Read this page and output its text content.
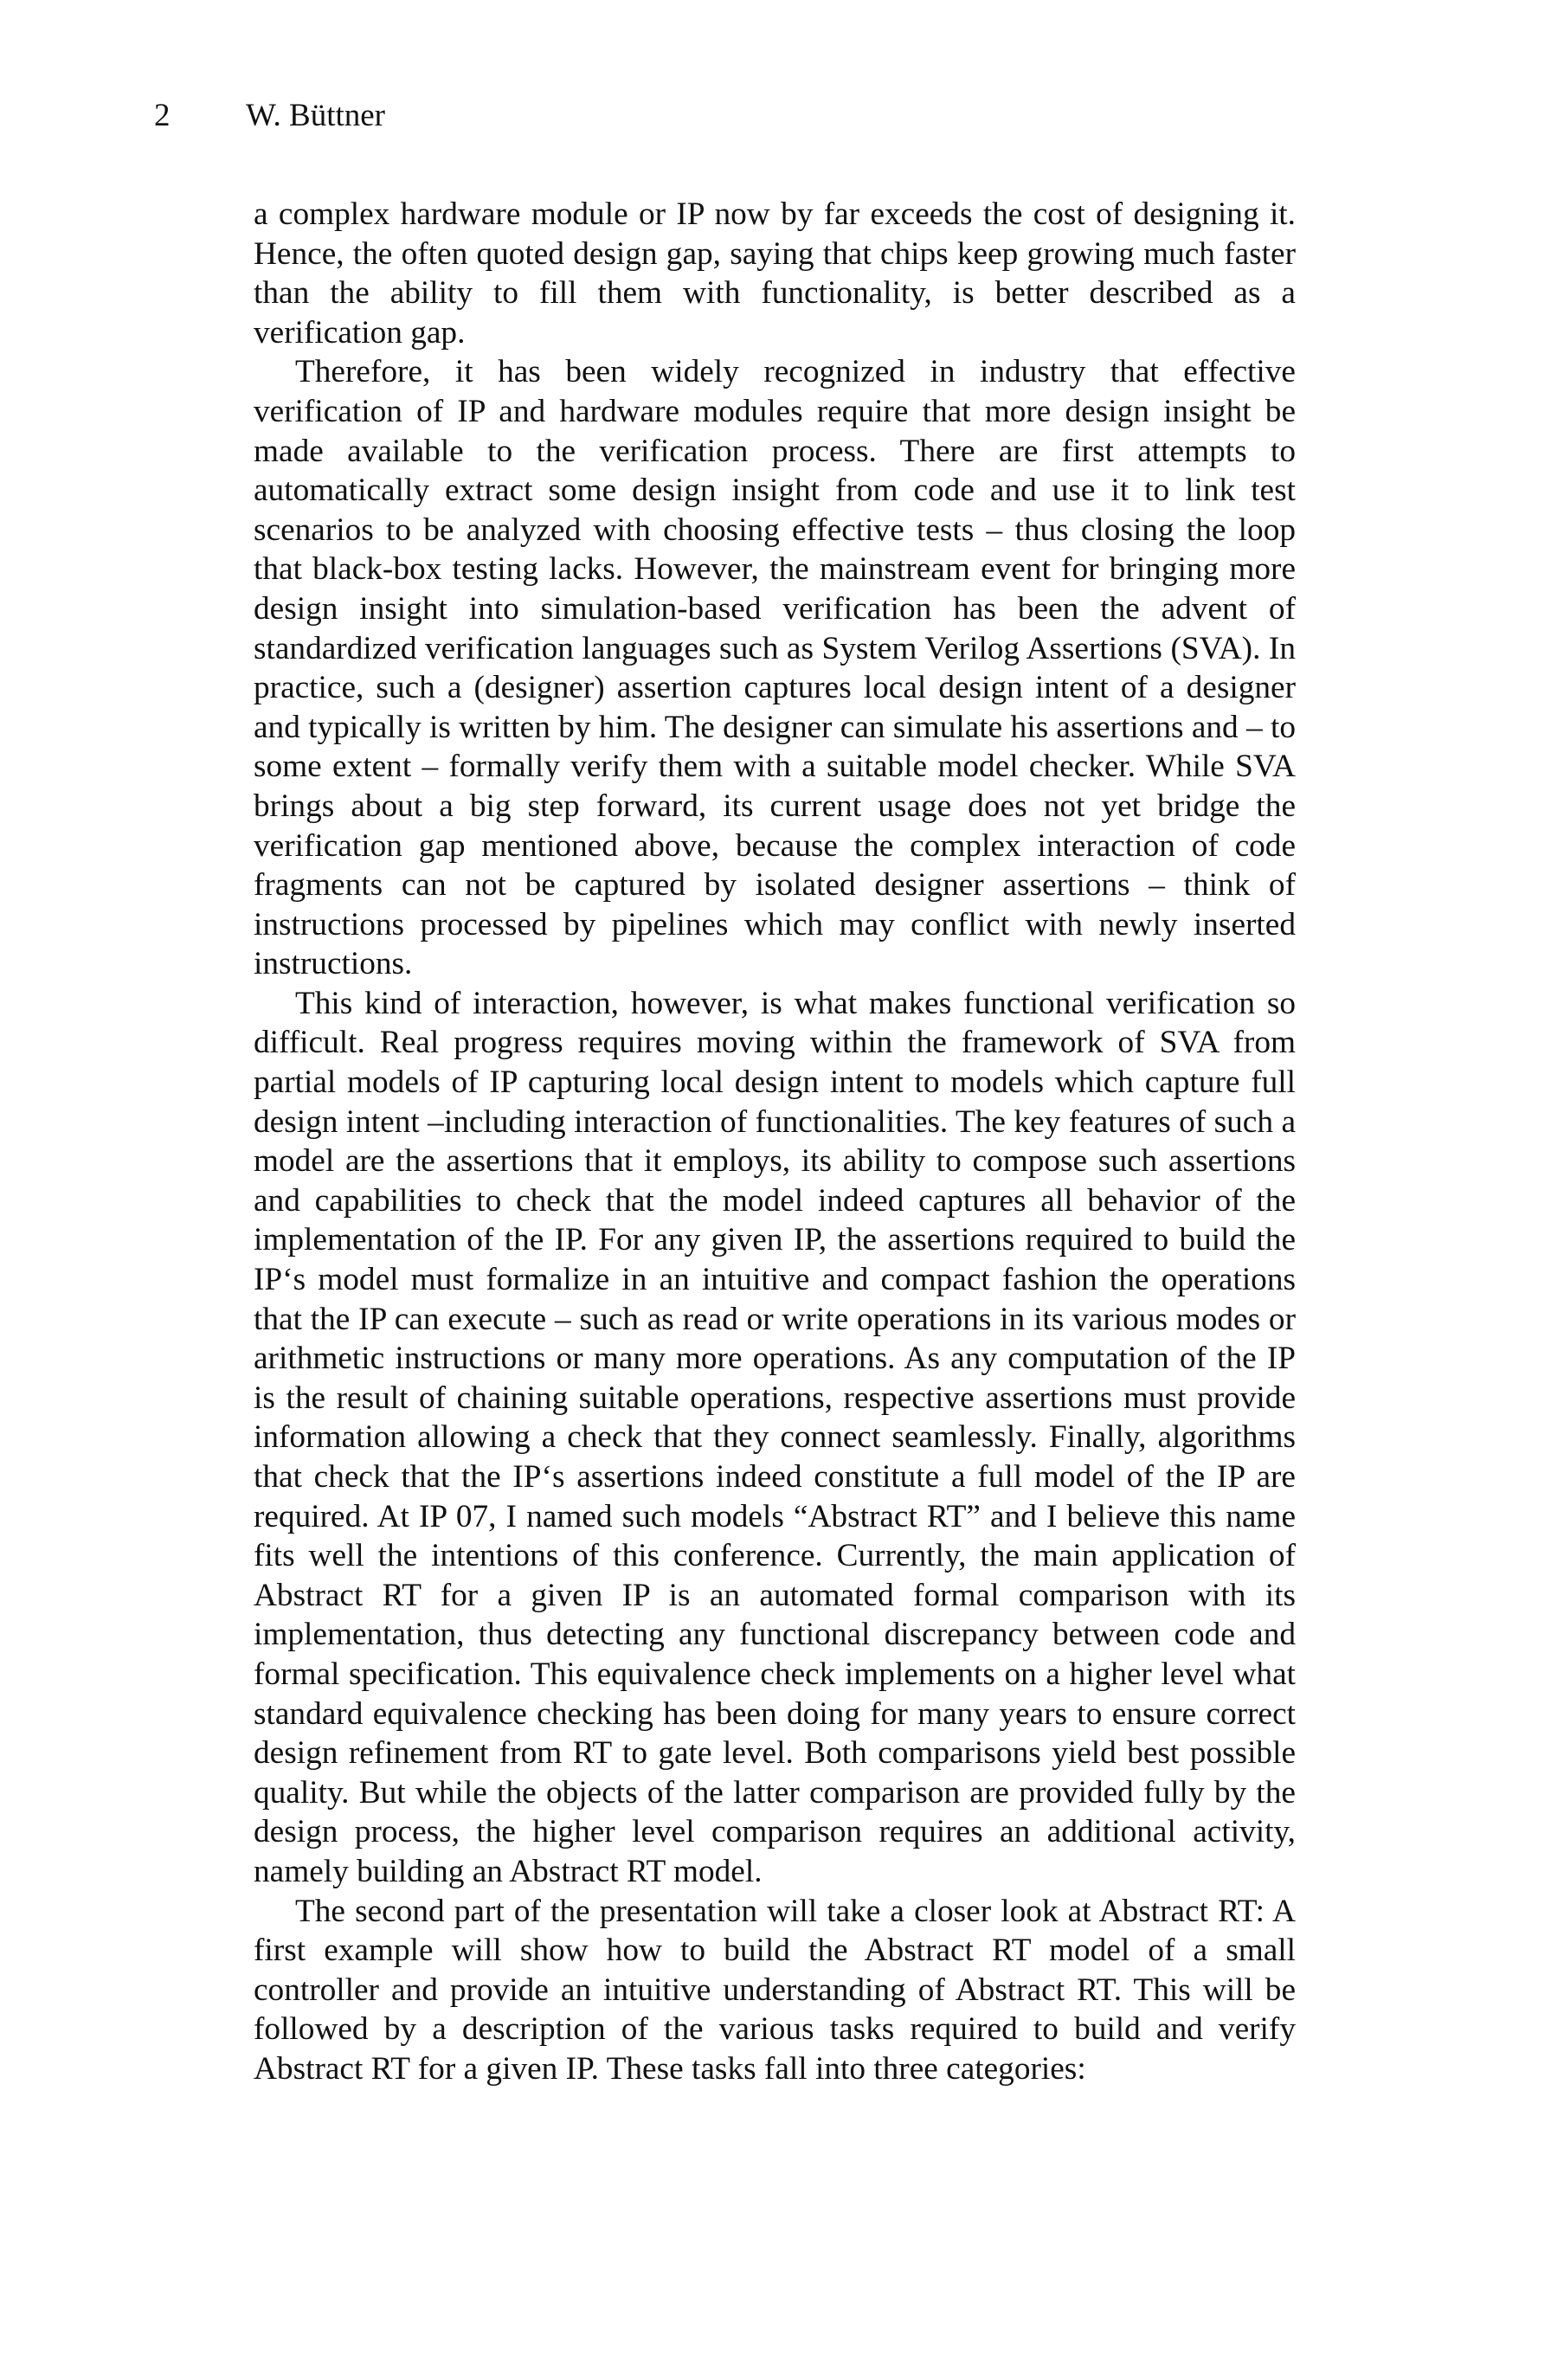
2 W. Büttner

a complex hardware module or IP now by far exceeds the cost of designing it. Hence, the often quoted design gap, saying that chips keep growing much faster than the ability to fill them with functionality, is better described as a verification gap.

Therefore, it has been widely recognized in industry that effective verification of IP and hardware modules require that more design insight be made available to the verification process. There are first attempts to automatically extract some design insight from code and use it to link test scenarios to be analyzed with choosing effective tests – thus closing the loop that black-box testing lacks. However, the mainstream event for bringing more design insight into simulation-based verification has been the advent of standardized verification languages such as System Verilog Assertions (SVA). In practice, such a (designer) assertion captures local design intent of a designer and typically is written by him. The designer can simulate his assertions and – to some extent – formally verify them with a suitable model checker. While SVA brings about a big step forward, its current usage does not yet bridge the verification gap mentioned above, because the complex interaction of code fragments can not be captured by isolated designer assertions – think of instructions processed by pipelines which may conflict with newly inserted instructions.

This kind of interaction, however, is what makes functional verification so difficult. Real progress requires moving within the framework of SVA from partial models of IP capturing local design intent to models which capture full design intent –including interaction of functionalities. The key features of such a model are the assertions that it employs, its ability to compose such assertions and capabilities to check that the model indeed captures all behavior of the implementation of the IP. For any given IP, the assertions required to build the IP‘s model must formalize in an intuitive and compact fashion the operations that the IP can execute – such as read or write operations in its various modes or arithmetic instructions or many more operations. As any computation of the IP is the result of chaining suitable operations, respective assertions must provide information allowing a check that they connect seamlessly. Finally, algorithms that check that the IP‘s assertions indeed constitute a full model of the IP are required. At IP 07, I named such models “Abstract RT” and I believe this name fits well the intentions of this conference. Currently, the main application of Abstract RT for a given IP is an automated formal comparison with its implementation, thus detecting any functional discrepancy between code and formal specification. This equivalence check implements on a higher level what standard equivalence checking has been doing for many years to ensure correct design refinement from RT to gate level. Both comparisons yield best possible quality. But while the objects of the latter comparison are provided fully by the design process, the higher level comparison requires an additional activity, namely building an Abstract RT model.

The second part of the presentation will take a closer look at Abstract RT: A first example will show how to build the Abstract RT model of a small controller and provide an intuitive understanding of Abstract RT. This will be followed by a description of the various tasks required to build and verify Abstract RT for a given IP. These tasks fall into three categories:
